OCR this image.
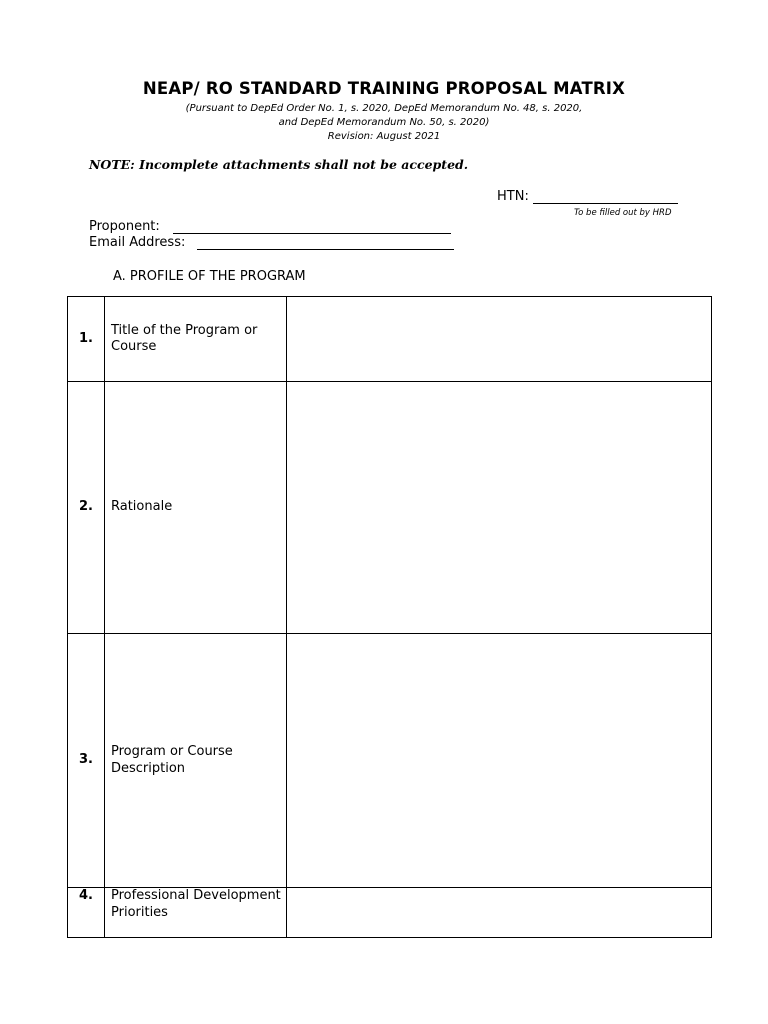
NEAP/ RO STANDARD TRAINING PROPOSAL MATRIX
(Pursuant to DepEd Order No. 1, s. 2020, DepEd Memorandum No. 48, s. 2020,
and DepEd Memorandum No. 50, s. 2020)
Revision: August 2021
NOTE: Incomplete attachments shall not be accepted.
HTN:
To be filled out by HRD
Proponent:
Email Address:
A. PROFILE OF THE PROGRAM
1.	Title of the Program or Course	
2.	Rationale	
3.	Program or Course Description	
4.	Professional Development Priorities	
